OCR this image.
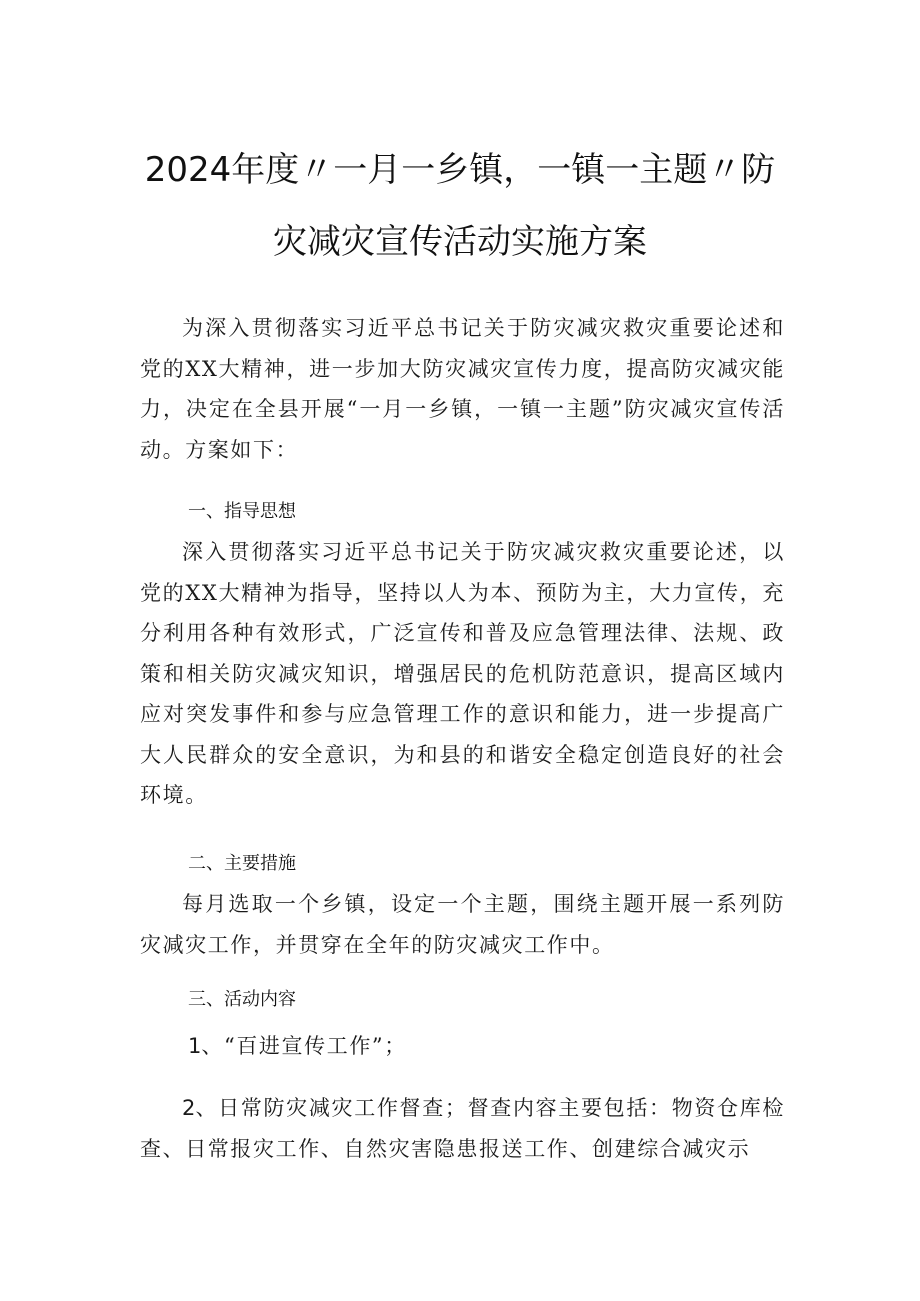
2024年度〃一月一乡镇，一镇一主题〃防
灾减灾宣传活动实施方案

为深入贯彻落实习近平总书记关于防灾减灾救灾重要论述和党的XX大精神，进一步加大防灾减灾宣传力度，提高防灾减灾能力，决定在全县开展“一月一乡镇，一镇一主题”防灾减灾宣传活动。方案如下：

一、指导思想

深入贯彻落实习近平总书记关于防灾减灾救灾重要论述，以党的XX大精神为指导，坚持以人为本、预防为主，大力宣传，充分利用各种有效形式，广泛宣传和普及应急管理法律、法规、政策和相关防灾减灾知识，增强居民的危机防范意识，提高区域内应对突发事件和参与应急管理工作的意识和能力，进一步提高广大人民群众的安全意识，为和县的和谐安全稳定创造良好的社会环境。

二、主要措施

每月选取一个乡镇，设定一个主题，围绕主题开展一系列防灾减灾工作，并贯穿在全年的防灾减灾工作中。

三、活动内容

1、“百进宣传工作”；

2、日常防灾减灾工作督查；督查内容主要包括：物资仓库检查、日常报灾工作、自然灾害隐患报送工作、创建综合减灾示
